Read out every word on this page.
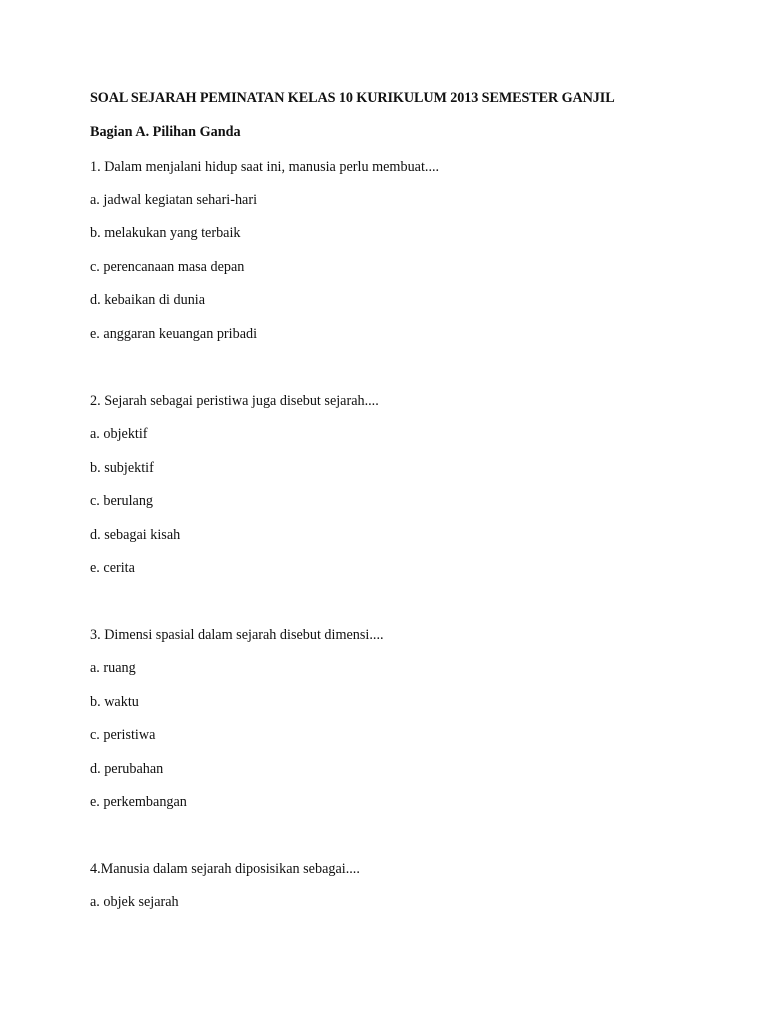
SOAL SEJARAH PEMINATAN KELAS 10 KURIKULUM 2013 SEMESTER GANJIL
Bagian A. Pilihan Ganda
1. Dalam menjalani hidup saat ini, manusia perlu membuat....
a. jadwal kegiatan sehari-hari
b. melakukan yang terbaik
c. perencanaan masa depan
d. kebaikan di dunia
e. anggaran keuangan pribadi
2. Sejarah sebagai peristiwa juga disebut sejarah....
a. objektif
b. subjektif
c. berulang
d. sebagai kisah
e. cerita
3. Dimensi spasial dalam sejarah disebut dimensi....
a. ruang
b. waktu
c. peristiwa
d. perubahan
e. perkembangan
4.Manusia dalam sejarah diposisikan sebagai....
a. objek sejarah
